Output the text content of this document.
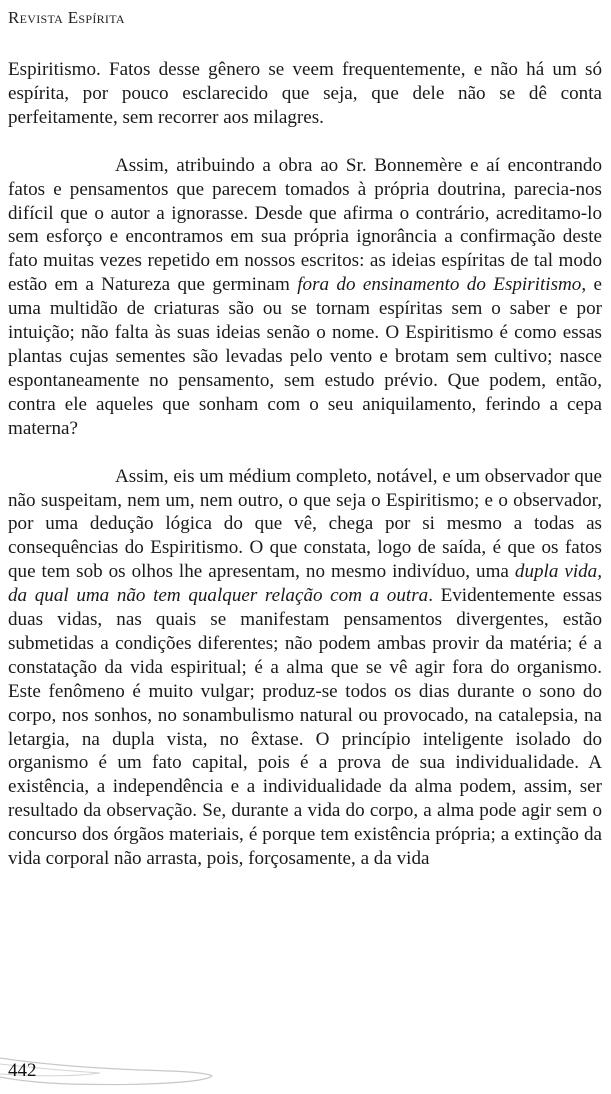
Revista Espírita

Espiritismo. Fatos desse gênero se veem frequentemente, e não há um só espírita, por pouco esclarecido que seja, que dele não se dê conta perfeitamente, sem recorrer aos milagres.

Assim, atribuindo a obra ao Sr. Bonnemère e aí encontrando fatos e pensamentos que parecem tomados à própria doutrina, parecia-nos difícil que o autor a ignorasse. Desde que afirma o contrário, acreditamo-lo sem esforço e encontramos em sua própria ignorância a confirmação deste fato muitas vezes repetido em nossos escritos: as ideias espíritas de tal modo estão em a Natureza que germinam fora do ensinamento do Espiritismo, e uma multidão de criaturas são ou se tornam espíritas sem o saber e por intuição; não falta às suas ideias senão o nome. O Espiritismo é como essas plantas cujas sementes são levadas pelo vento e brotam sem cultivo; nasce espontaneamente no pensamento, sem estudo prévio. Que podem, então, contra ele aqueles que sonham com o seu aniquilamento, ferindo a cepa materna?

Assim, eis um médium completo, notável, e um observador que não suspeitam, nem um, nem outro, o que seja o Espiritismo; e o observador, por uma dedução lógica do que vê, chega por si mesmo a todas as consequências do Espiritismo. O que constata, logo de saída, é que os fatos que tem sob os olhos lhe apresentam, no mesmo indivíduo, uma dupla vida, da qual uma não tem qualquer relação com a outra. Evidentemente essas duas vidas, nas quais se manifestam pensamentos divergentes, estão submetidas a condições diferentes; não podem ambas provir da matéria; é a constatação da vida espiritual; é a alma que se vê agir fora do organismo. Este fenômeno é muito vulgar; produz-se todos os dias durante o sono do corpo, nos sonhos, no sonambulismo natural ou provocado, na catalepsia, na letargia, na dupla vista, no êxtase. O princípio inteligente isolado do organismo é um fato capital, pois é a prova de sua individualidade. A existência, a independência e a individualidade da alma podem, assim, ser resultado da observação. Se, durante a vida do corpo, a alma pode agir sem o concurso dos órgãos materiais, é porque tem existência própria; a extinção da vida corporal não arrasta, pois, forçosamente, a da vida

442
